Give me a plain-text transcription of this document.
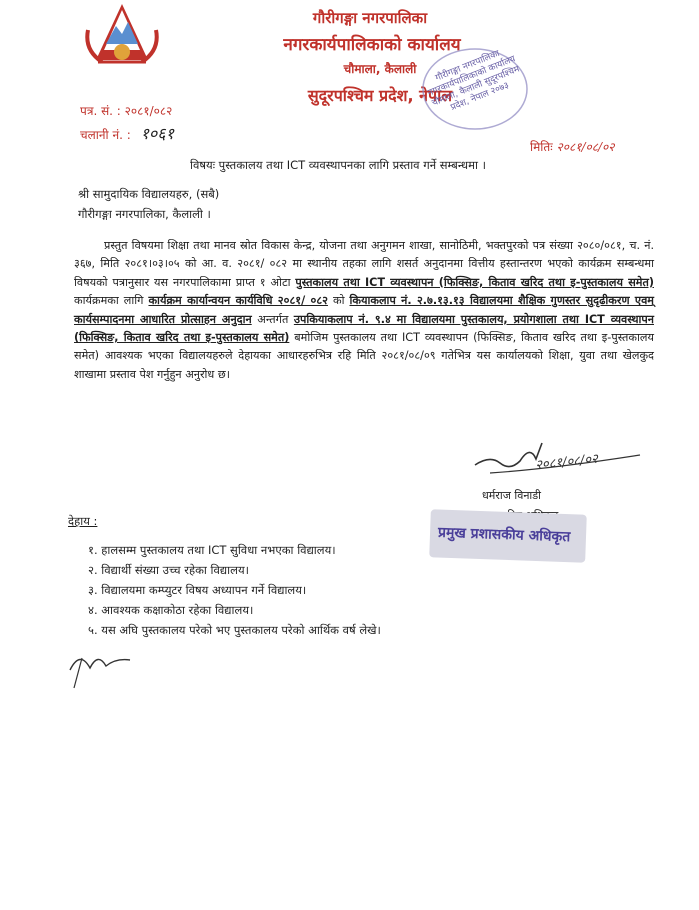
गौरीगङ्गा नगरपालिका
नगरकार्यपालिकाको कार्यालय
चौमाला, कैलाली
सुदूरपश्चिम प्रदेश, नेपाल
गौरीगङ्गा नगरपालिका नगरकार्यपालिकाको कार्यालय चौमाला, कैलाली सुदूरपश्चिम प्रदेश, नेपाल २०७३
पत्र. सं. : २०८१/०८२
चलानी नं. : १०६१
मितिः २०८१/०८/०२
विषयः पुस्तकालय तथा ICT व्यवस्थापनका लागि प्रस्ताव गर्ने सम्बन्धमा ।
श्री सामुदायिक विद्यालयहरु, (सबै)
गौरीगङ्गा नगरपालिका, कैलाली ।
प्रस्तुत विषयमा शिक्षा तथा मानव स्रोत विकास केन्द्र, योजना तथा अनुगमन शाखा, सानोठिमी, भक्तपुरको पत्र संख्या २०८०/०८१, च. नं. ३६७, मिति २०८१।०३।०५ को आ. व. २०८१/ ०८२ मा स्थानीय तहका लागि शसर्त अनुदानमा वित्तीय हस्तान्तरण भएको कार्यक्रम सम्बन्धमा विषयको पत्रानुसार यस नगरपालिकामा प्राप्त १ ओटा पुस्तकालय तथा ICT व्यवस्थापन (फिक्सिङ, किताव खरिद तथा इ-पुस्तकालय समेत) कार्यक्रमका लागि कार्यक्रम कार्यान्वयन कार्यविधि २०८१/ ०८२ को कियाकलाप नं. २.७.१३.१३ विद्यालयमा शैक्षिक गुणस्तर सुदृढीकरण एवम् कार्यसम्पादनमा आधारित प्रोत्साहन अनुदान अन्तर्गत उपकियाकलाप नं. ९.४ मा विद्यालयमा पुस्तकालय, प्रयोगशाला तथा ICT व्यवस्थापन (फिक्सिङ, किताव खरिद तथा इ-पुस्तकालय समेत) बमोजिम पुस्तकालय तथा ICT व्यवस्थापन (फिक्सिङ, किताव खरिद तथा इ-पुस्तकालय समेत) आवश्यक भएका विद्यालयहरुले देहायका आधारहरुभित्र रहि मिति २०८१/०८/०९ गतेभित्र यस कार्यालयको शिक्षा, युवा तथा खेलकुद शाखामा प्रस्ताव पेश गर्नुहुन अनुरोध छ।
२०८१/०८/०२
धर्मराज विनाडी
प्रमुख प्रशासकीय अधिकृत
देहाय :
१. हालसम्म पुस्तकालय तथा ICT सुविधा नभएका विद्यालय।
२. विद्यार्थी संख्या उच्च रहेका विद्यालय।
३. विद्यालयमा कम्प्युटर विषय अध्यापन गर्ने विद्यालय।
४. आवश्यक कक्षाकोठा रहेका विद्यालय।
५. यस अघि पुस्तकालय परेको भए पुस्तकालय परेको आर्थिक वर्ष लेखे।
